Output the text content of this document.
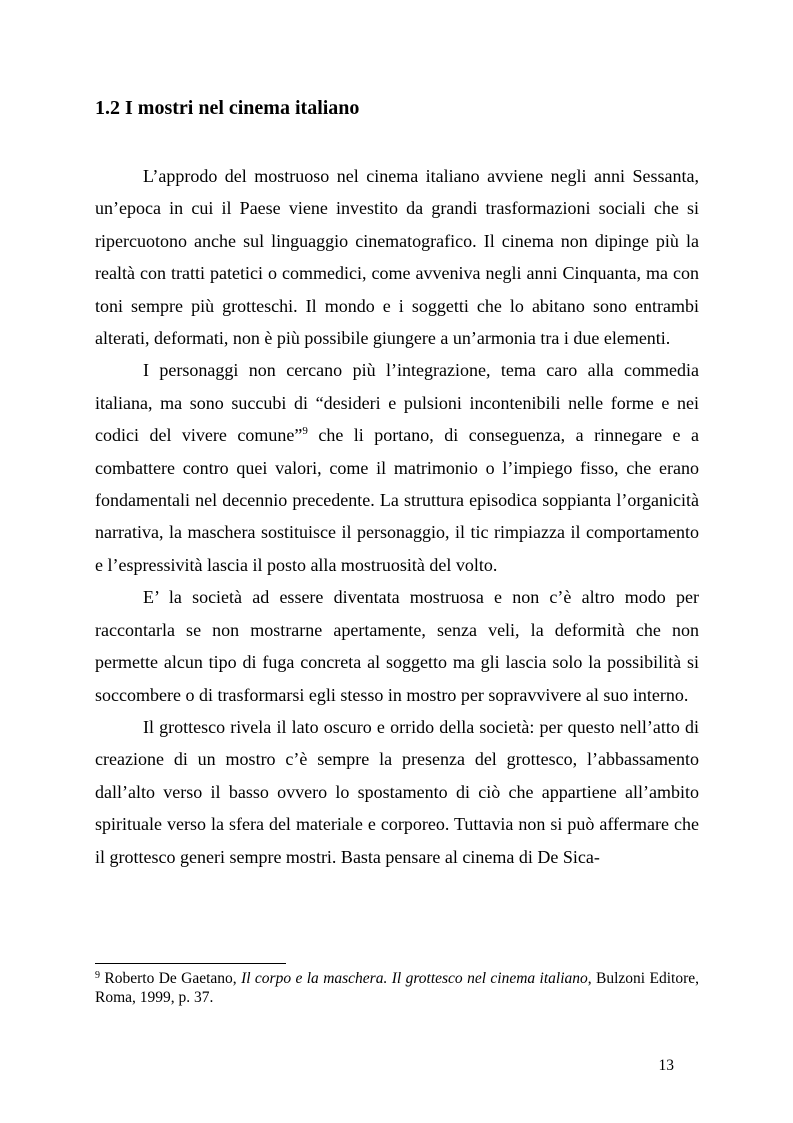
1.2 I mostri nel cinema italiano

L’approdo del mostruoso nel cinema italiano avviene negli anni Sessanta, un’epoca in cui il Paese viene investito da grandi trasformazioni sociali che si ripercuotono anche sul linguaggio cinematografico. Il cinema non dipinge più la realtà con tratti patetici o commedici, come avveniva negli anni Cinquanta, ma con toni sempre più grotteschi. Il mondo e i soggetti che lo abitano sono entrambi alterati, deformati, non è più possibile giungere a un’armonia tra i due elementi.

I personaggi non cercano più l’integrazione, tema caro alla commedia italiana, ma sono succubi di “desideri e pulsioni incontenibili nelle forme e nei codici del vivere comune”$^9$ che li portano, di conseguenza, a rinnegare e a combattere contro quei valori, come il matrimonio o l’impiego fisso, che erano fondamentali nel decennio precedente. La struttura episodica soppianta l’organicità narrativa, la maschera sostituisce il personaggio, il tic rimpiazza il comportamento e l’espressività lascia il posto alla mostruosità del volto.

E’ la società ad essere diventata mostruosa e non c’è altro modo per raccontarla se non mostrarne apertamente, senza veli, la deformità che non permette alcun tipo di fuga concreta al soggetto ma gli lascia solo la possibilità si soccombere o di trasformarsi egli stesso in mostro per sopravvivere al suo interno.

Il grottesco rivela il lato oscuro e orrido della società: per questo nell’atto di creazione di un mostro c’è sempre la presenza del grottesco, l’abbassamento dall’alto verso il basso ovvero lo spostamento di ciò che appartiene all’ambito spirituale verso la sfera del materiale e corporeo. Tuttavia non si può affermare che il grottesco generi sempre mostri. Basta pensare al cinema di De Sica-

$^9$ Roberto De Gaetano, Il corpo e la maschera. Il grottesco nel cinema italiano, Bulzoni Editore, Roma, 1999, p. 37.

13
